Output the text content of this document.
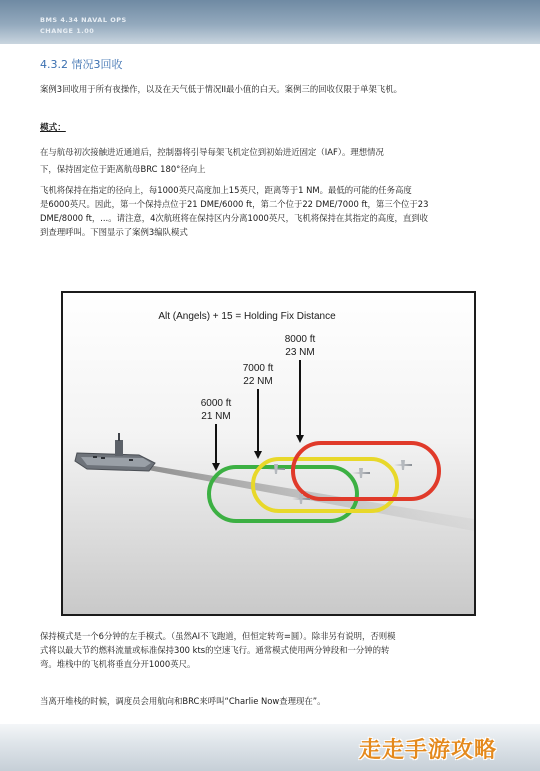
BMS 4.34 NAVAL OPS
CHANGE 1.00
4.3.2 情况3回收
案例3回收用于所有夜操作，以及在天气低于情况II最小值的白天。案例三的回收仅限于单架飞机。
模式：
在与航母初次接触进近通道后，控制器将引导每架飞机定位到初始进近固定（IAF）。理想情况
下，保持固定位于距离航母BRC 180°径向上
飞机将保持在指定的径向上，每1000英尺高度加上15英尺，距离等于1 NM。最低的可能的任务高度
是6000英尺。因此，第一个保持点位于21 DME/6000 ft，第二个位于22 DME/7000 ft，第三个位于23
DME/8000 ft，...。请注意，4次航班将在保持区内分离1000英尺，飞机将保持在其指定的高度，直到收
到查理呼叫。下图显示了案例3编队模式
Alt (Angels) + 15 = Holding Fix Distance
6000 ft
21 NM
7000 ft
22 NM
8000 ft
23 NM
保持模式是一个6分钟的左手模式。（虽然AI不飞跑道，但恒定转弯=圆）。除非另有说明，否则模
式将以最大节约燃料流量或标准保持300 kts的空速飞行。通常模式使用两分钟段和一分钟的转
弯。堆栈中的飞机将垂直分开1000英尺。
当离开堆栈的时候，调度员会用航向和BRC来呼叫“Charlie Now查理现在”。
走走手游攻略
